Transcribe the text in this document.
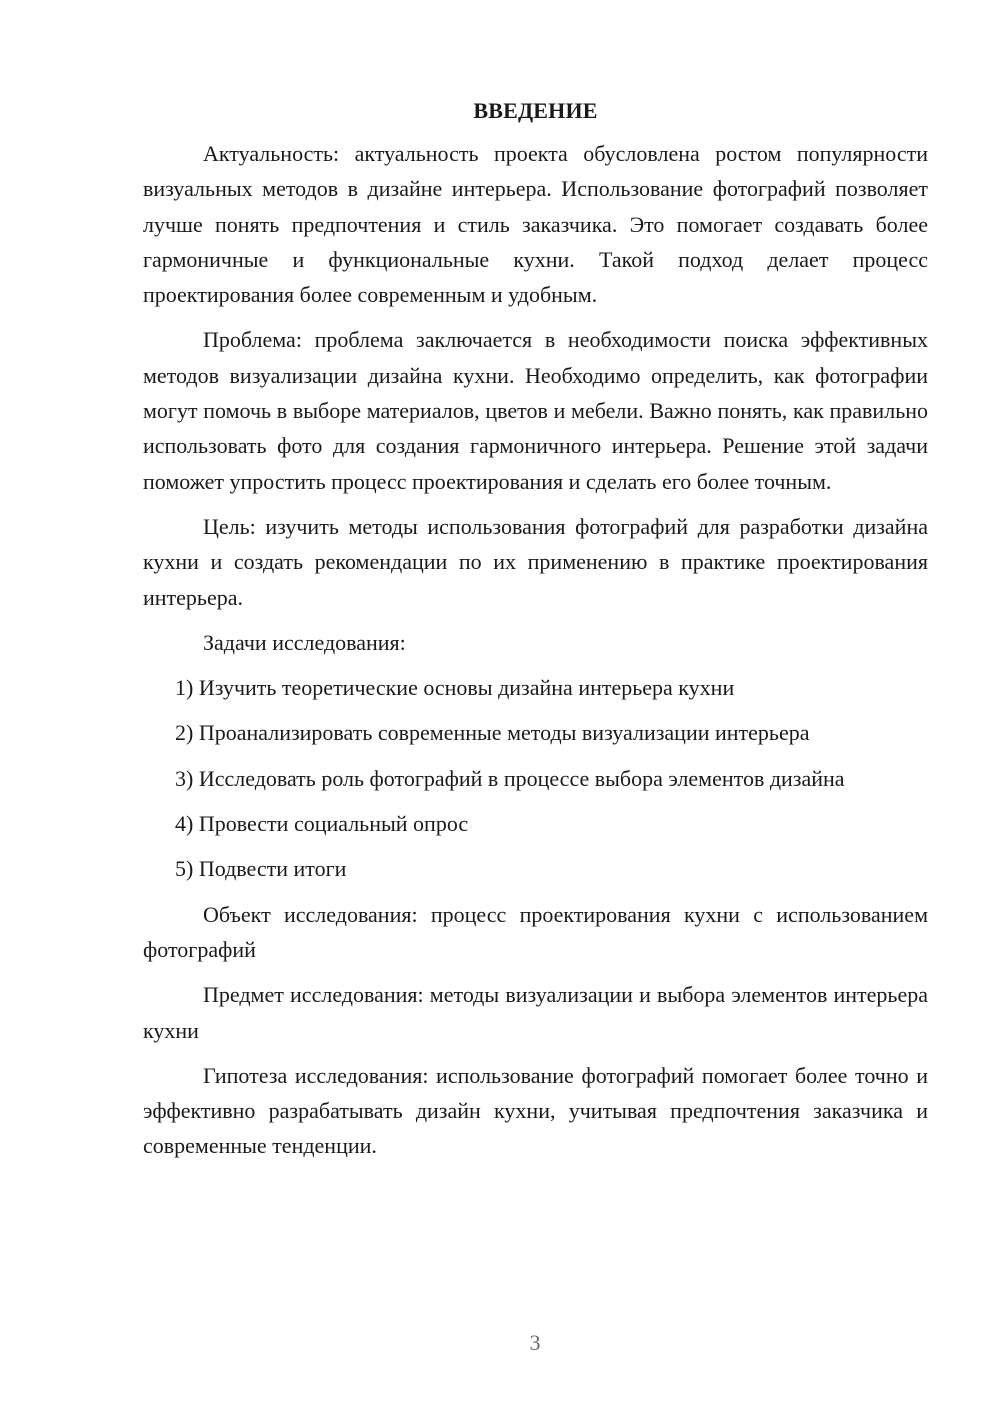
ВВЕДЕНИЕ

Актуальность: актуальность проекта обусловлена ростом популярности визуальных методов в дизайне интерьера. Использование фотографий позволяет лучше понять предпочтения и стиль заказчика. Это помогает создавать более гармоничные и функциональные кухни. Такой подход делает процесс проектирования более современным и удобным.

Проблема: проблема заключается в необходимости поиска эффективных методов визуализации дизайна кухни. Необходимо определить, как фотографии могут помочь в выборе материалов, цветов и мебели. Важно понять, как правильно использовать фото для создания гармоничного интерьера. Решение этой задачи поможет упростить процесс проектирования и сделать его более точным.

Цель: изучить методы использования фотографий для разработки дизайна кухни и создать рекомендации по их применению в практике проектирования интерьера.

Задачи исследования:

1) Изучить теоретические основы дизайна интерьера кухни

2) Проанализировать современные методы визуализации интерьера

3) Исследовать роль фотографий в процессе выбора элементов дизайна

4) Провести социальный опрос

5) Подвести итоги

Объект исследования: процесс проектирования кухни с использованием фотографий

Предмет исследования: методы визуализации и выбора элементов интерьера кухни

Гипотеза исследования: использование фотографий помогает более точно и эффективно разрабатывать дизайн кухни, учитывая предпочтения заказчика и современные тенденции.

3
